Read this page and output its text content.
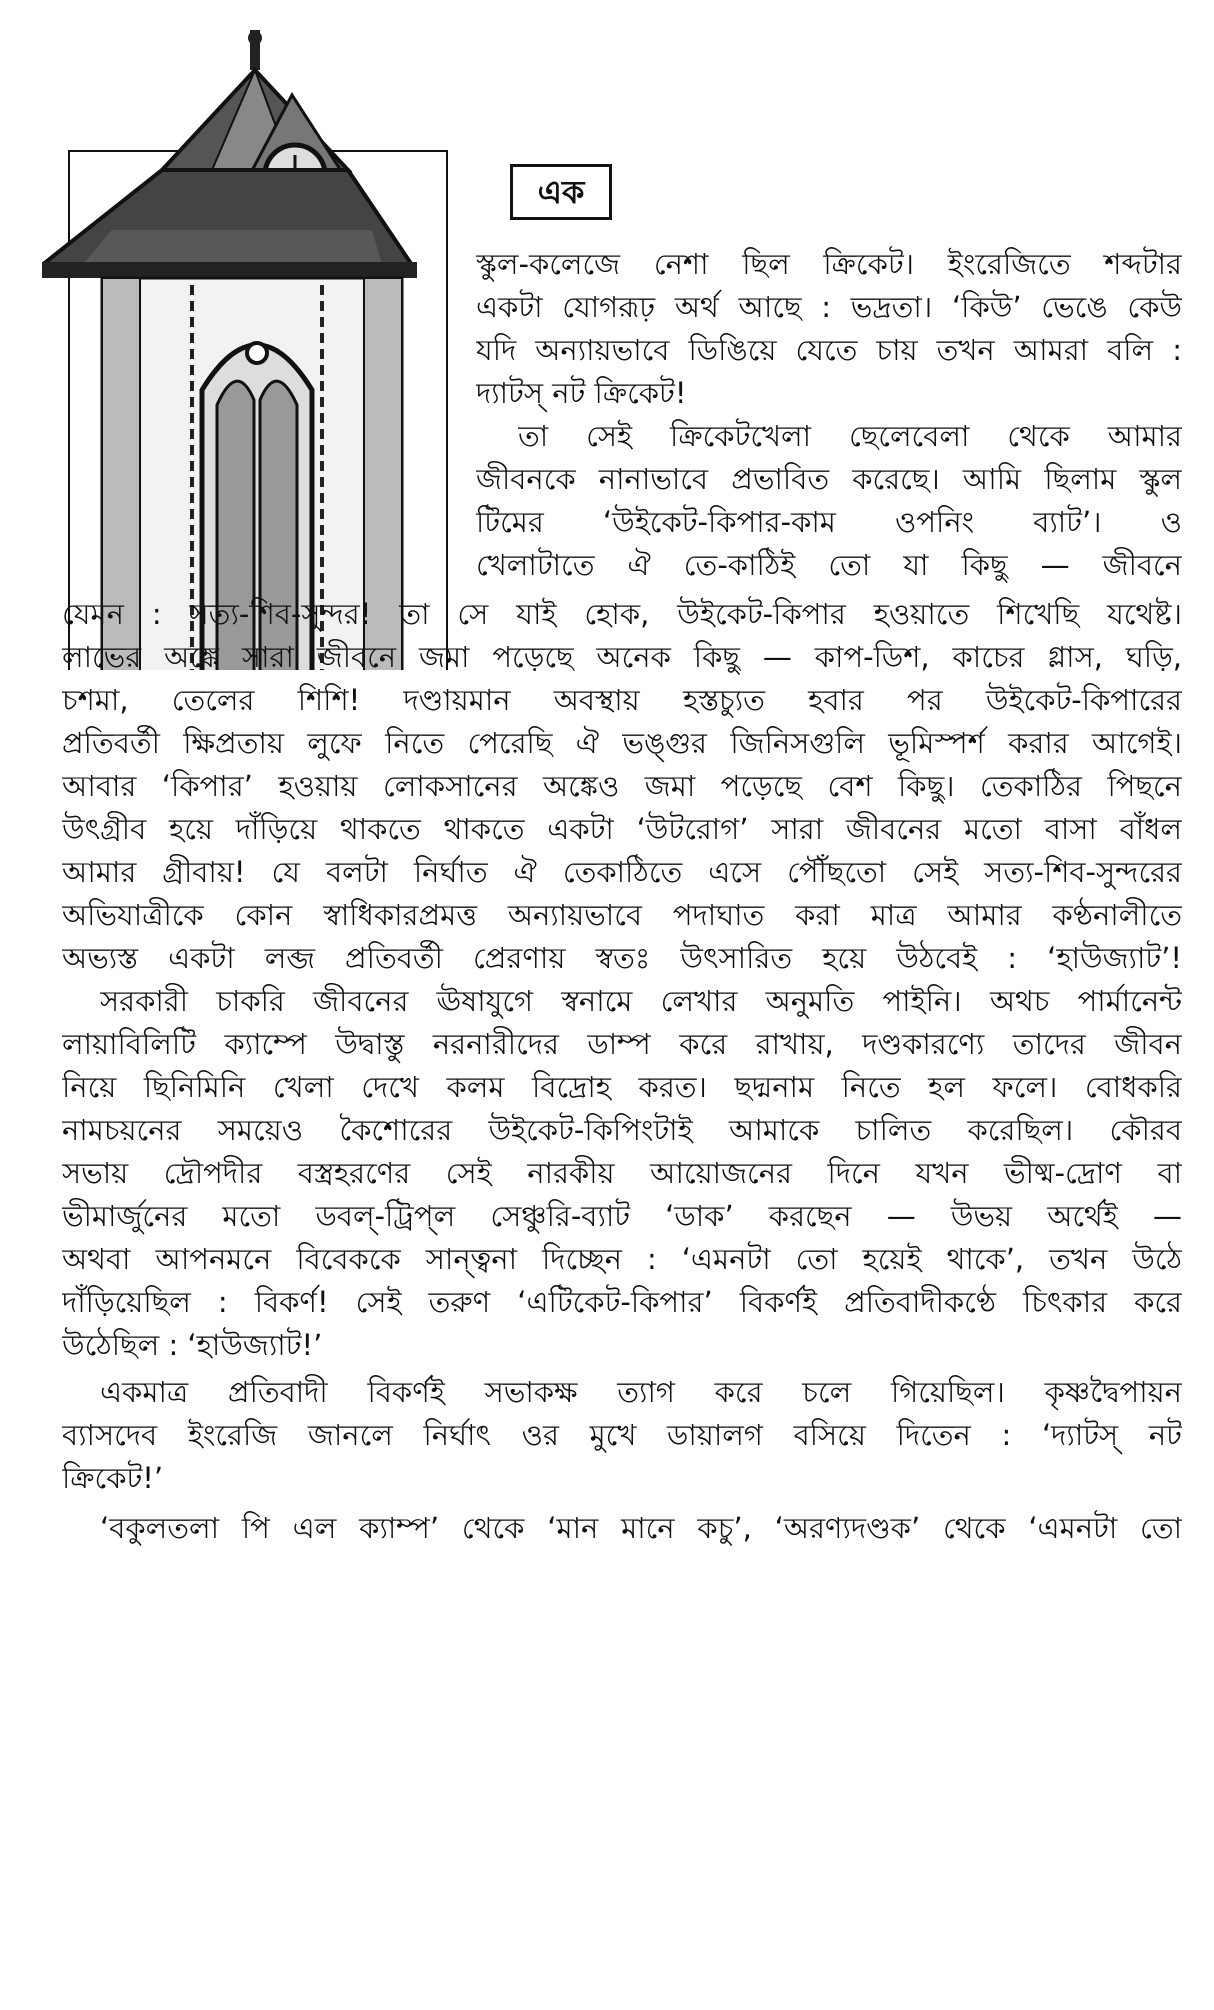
এক
স্কুল-কলেজে নেশা ছিল ক্রিকেট। ইংরেজিতে শব্দটার
একটা যোগরূঢ় অর্থ আছে : ভদ্রতা। ‘কিউ’ ভেঙে কেউ
যদি অন্যায়ভাবে ডিঙিয়ে যেতে চায় তখন আমরা বলি :
দ্যাটস্ নট ক্রিকেট!
তা সেই ক্রিকেটখেলা ছেলেবেলা থেকে আমার
জীবনকে নানাভাবে প্রভাবিত করেছে। আমি ছিলাম স্কুল
টিমের ‘উইকেট-কিপার-কাম ওপনিং ব্যাট’। ও
খেলাটাতে ঐ তে-কাঠিই তো যা কিছু — জীবনে
যেমন : সত্য-শিব-সুন্দর! তা সে যাই হোক, উইকেট-কিপার হওয়াতে শিখেছি যথেষ্ট।
লাভের অঙ্কে সারা জীবনে জমা পড়েছে অনেক কিছু — কাপ-ডিশ, কাচের গ্লাস, ঘড়ি,
চশমা, তেলের শিশি! দণ্ডায়মান অবস্থায় হস্তচ্যুত হবার পর উইকেট-কিপারের
প্রতিবর্তী ক্ষিপ্রতায় লুফে নিতে পেরেছি ঐ ভঙ্গুর জিনিসগুলি ভূমিস্পর্শ করার আগেই।
আবার ‘কিপার’ হওয়ায় লোকসানের অঙ্কেও জমা পড়েছে বেশ কিছু। তেকাঠির পিছনে
উৎগ্রীব হয়ে দাঁড়িয়ে থাকতে থাকতে একটা ‘উটরোগ’ সারা জীবনের মতো বাসা বাঁধল
আমার গ্রীবায়! যে বলটা নির্ঘাত ঐ তেকাঠিতে এসে পৌঁছতো সেই সত্য-শিব-সুন্দরের
অভিযাত্রীকে কোন স্বাধিকারপ্রমত্ত অন্যায়ভাবে পদাঘাত করা মাত্র আমার কণ্ঠনালীতে
অভ্যস্ত একটা লব্জ প্রতিবর্তী প্রেরণায় স্বতঃ উৎসারিত হয়ে উঠবেই : ‘হাউজ্যাট’!
সরকারী চাকরি জীবনের ঊষাযুগে স্বনামে লেখার অনুমতি পাইনি। অথচ পার্মানেন্ট
লায়াবিলিটি ক্যাম্পে উদ্বাস্তু নরনারীদের ডাম্প করে রাখায়, দণ্ডকারণ্যে তাদের জীবন
নিয়ে ছিনিমিনি খেলা দেখে কলম বিদ্রোহ করত। ছদ্মনাম নিতে হল ফলে। বোধকরি
নামচয়নের সময়েও কৈশোরের উইকেট-কিপিংটাই আমাকে চালিত করেছিল। কৌরব
সভায় দ্রৌপদীর বস্ত্রহরণের সেই নারকীয় আয়োজনের দিনে যখন ভীষ্ম-দ্রোণ বা
ভীমার্জুনের মতো ডবল্-ট্রিপ্‌ল সেঞ্চুরি-ব্যাট ‘ডাক’ করছেন — উভয় অর্থেই —
অথবা আপনমনে বিবেককে সান্ত্বনা দিচ্ছেন : ‘এমনটা তো হয়েই থাকে’, তখন উঠে
দাঁড়িয়েছিল : বিকর্ণ! সেই তরুণ ‘এটিকেট-কিপার’ বিকর্ণই প্রতিবাদীকণ্ঠে চিৎকার করে
উঠেছিল : ‘হাউজ্যাট!’
একমাত্র প্রতিবাদী বিকর্ণই সভাকক্ষ ত্যাগ করে চলে গিয়েছিল। কৃষ্ণদ্বৈপায়ন
ব্যাসদেব ইংরেজি জানলে নির্ঘাৎ ওর মুখে ডায়ালগ বসিয়ে দিতেন : ‘দ্যাটস্ নট
ক্রিকেট!’
‘বকুলতলা পি এল ক্যাম্প’ থেকে ‘মান মানে কচু’, ‘অরণ্যদণ্ডক’ থেকে ‘এমনটা তো
